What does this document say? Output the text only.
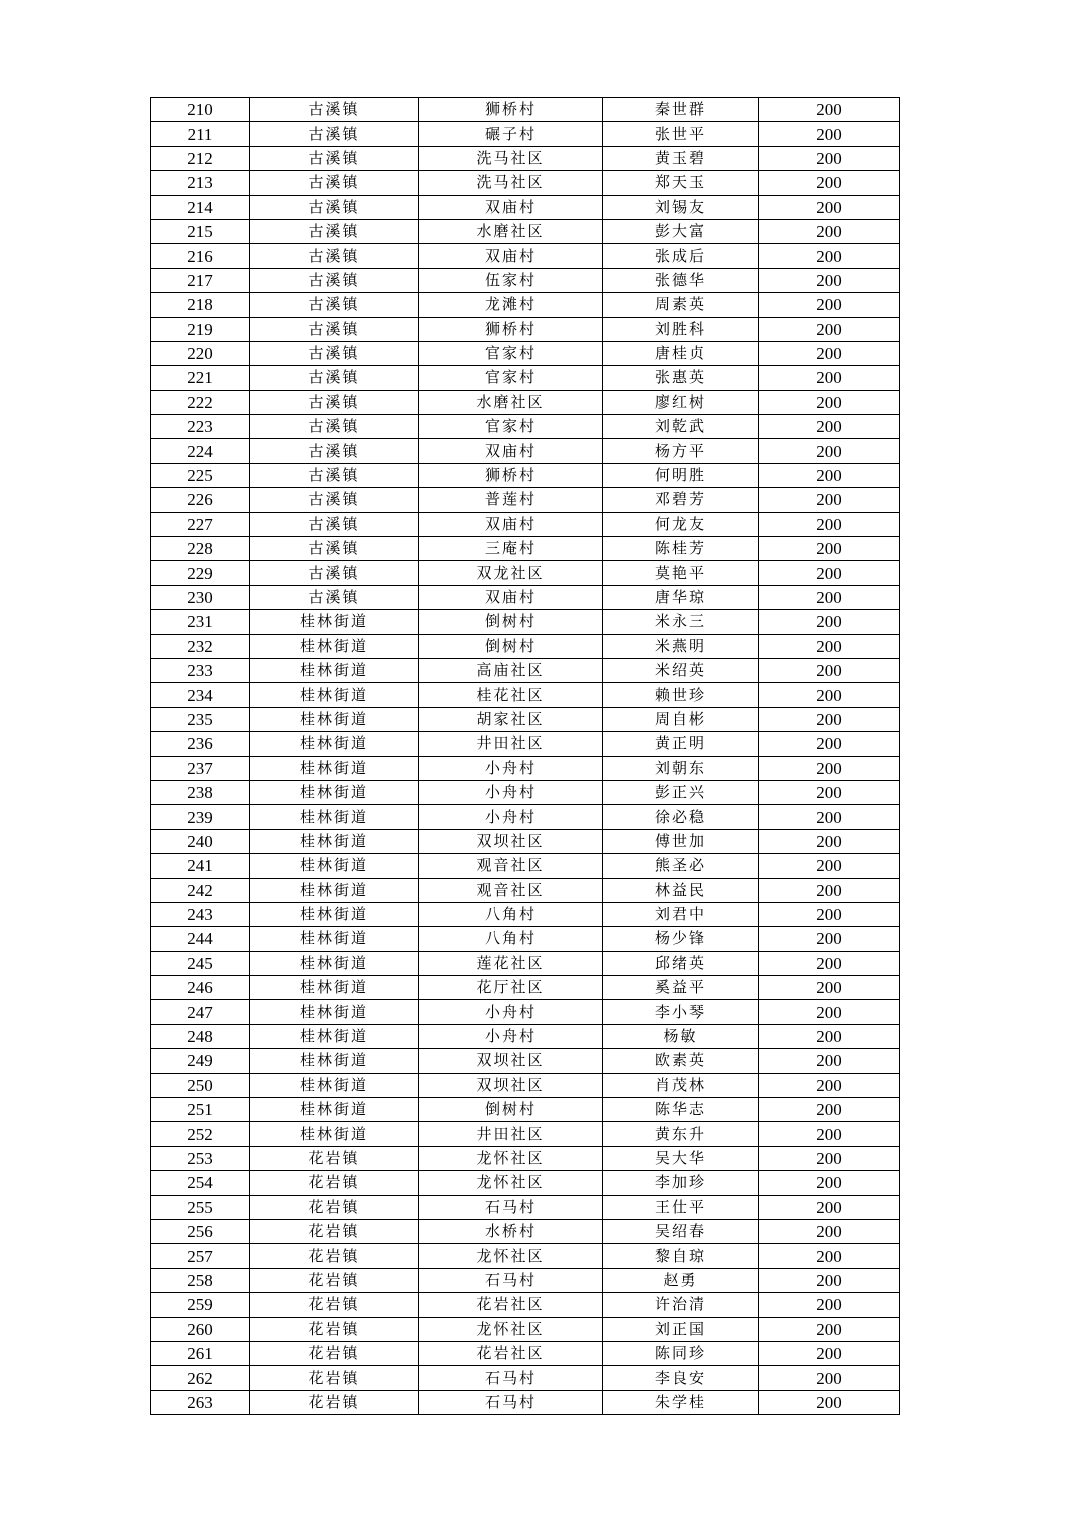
210	古溪镇	狮桥村	秦世群	200
211	古溪镇	碾子村	张世平	200
212	古溪镇	洗马社区	黄玉碧	200
213	古溪镇	洗马社区	郑天玉	200
214	古溪镇	双庙村	刘锡友	200
215	古溪镇	水磨社区	彭大富	200
216	古溪镇	双庙村	张成后	200
217	古溪镇	伍家村	张德华	200
218	古溪镇	龙滩村	周素英	200
219	古溪镇	狮桥村	刘胜科	200
220	古溪镇	官家村	唐桂贞	200
221	古溪镇	官家村	张惠英	200
222	古溪镇	水磨社区	廖红树	200
223	古溪镇	官家村	刘乾武	200
224	古溪镇	双庙村	杨方平	200
225	古溪镇	狮桥村	何明胜	200
226	古溪镇	普莲村	邓碧芳	200
227	古溪镇	双庙村	何龙友	200
228	古溪镇	三庵村	陈桂芳	200
229	古溪镇	双龙社区	莫艳平	200
230	古溪镇	双庙村	唐华琼	200
231	桂林街道	倒树村	米永三	200
232	桂林街道	倒树村	米燕明	200
233	桂林街道	高庙社区	米绍英	200
234	桂林街道	桂花社区	赖世珍	200
235	桂林街道	胡家社区	周自彬	200
236	桂林街道	井田社区	黄正明	200
237	桂林街道	小舟村	刘朝东	200
238	桂林街道	小舟村	彭正兴	200
239	桂林街道	小舟村	徐必稳	200
240	桂林街道	双坝社区	傅世加	200
241	桂林街道	观音社区	熊圣必	200
242	桂林街道	观音社区	林益民	200
243	桂林街道	八角村	刘君中	200
244	桂林街道	八角村	杨少锋	200
245	桂林街道	莲花社区	邱绪英	200
246	桂林街道	花厅社区	奚益平	200
247	桂林街道	小舟村	李小琴	200
248	桂林街道	小舟村	杨敏	200
249	桂林街道	双坝社区	欧素英	200
250	桂林街道	双坝社区	肖茂林	200
251	桂林街道	倒树村	陈华志	200
252	桂林街道	井田社区	黄东升	200
253	花岩镇	龙怀社区	吴大华	200
254	花岩镇	龙怀社区	李加珍	200
255	花岩镇	石马村	王仕平	200
256	花岩镇	水桥村	吴绍春	200
257	花岩镇	龙怀社区	黎自琼	200
258	花岩镇	石马村	赵勇	200
259	花岩镇	花岩社区	许治清	200
260	花岩镇	龙怀社区	刘正国	200
261	花岩镇	花岩社区	陈同珍	200
262	花岩镇	石马村	李良安	200
263	花岩镇	石马村	朱学桂	200
